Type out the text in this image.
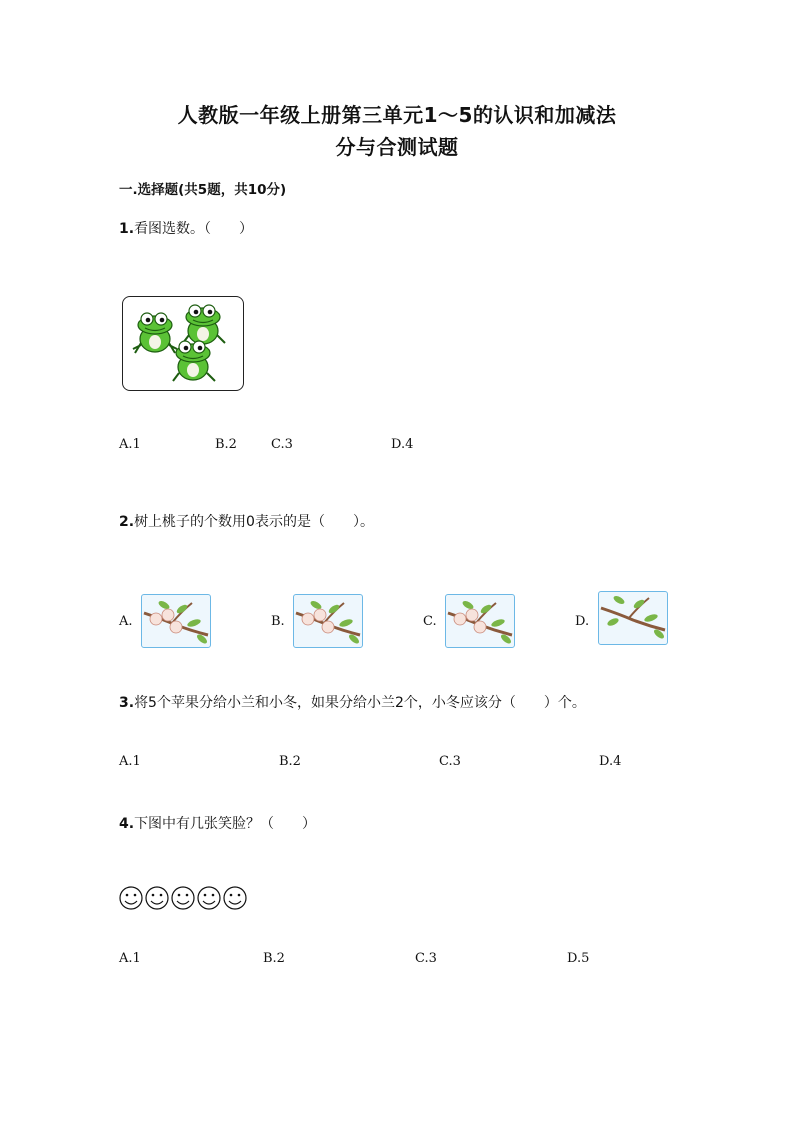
人教版一年级上册第三单元1～5的认识和加减法
分与合测试题
一.选择题(共5题，共10分)
1.看图选数。（　　）
A.1	B.2	C.3	D.4
2.树上桃子的个数用0表示的是（　　）。
A.	B.	C.	D.
3.将5个苹果分给小兰和小冬，如果分给小兰2个，小冬应该分（　　）个。
A.1	B.2	C.3	D.4
4.下图中有几张笑脸？（　　）
A.1	B.2	C.3	D.5
